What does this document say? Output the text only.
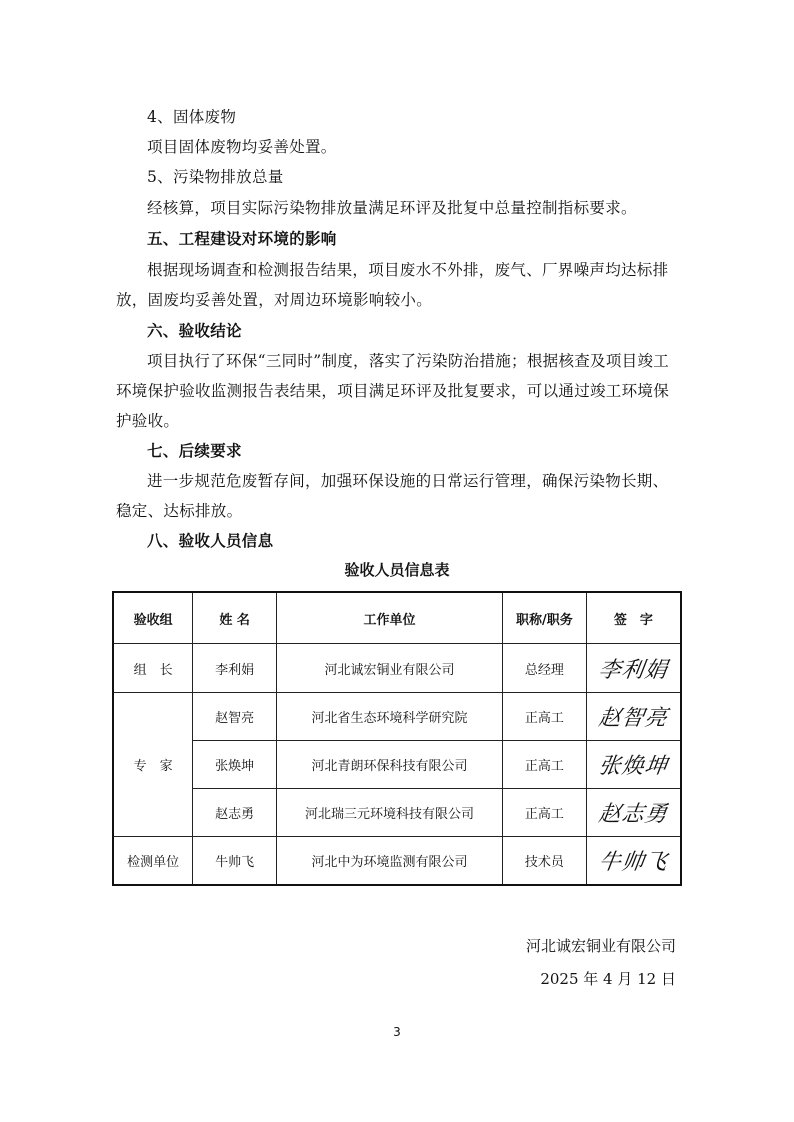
4、固体废物
项目固体废物均妥善处置。
5、污染物排放总量
经核算，项目实际污染物排放量满足环评及批复中总量控制指标要求。
五、工程建设对环境的影响
根据现场调查和检测报告结果，项目废水不外排，废气、厂界噪声均达标排
放，固废均妥善处置，对周边环境影响较小。
六、验收结论
项目执行了环保“三同时”制度，落实了污染防治措施；根据核查及项目竣工
环境保护验收监测报告表结果，项目满足环评及批复要求，可以通过竣工环境保
护验收。
七、后续要求
进一步规范危废暂存间，加强环保设施的日常运行管理，确保污染物长期、
稳定、达标排放。
八、验收人员信息
验收人员信息表
验收组	姓 名	工作单位	职称/职务	签　字
组　长	李利娟	河北诚宏铜业有限公司	总经理	李利娟
专　家	赵智亮	河北省生态环境科学研究院	正高工	赵智亮
	张焕坤	河北青朗环保科技有限公司	正高工	张焕坤
	赵志勇	河北瑞三元环境科技有限公司	正高工	赵志勇
检测单位	牛帅飞	河北中为环境监测有限公司	技术员	牛帅飞
河北诚宏铜业有限公司
2025 年 4 月 12 日
3
